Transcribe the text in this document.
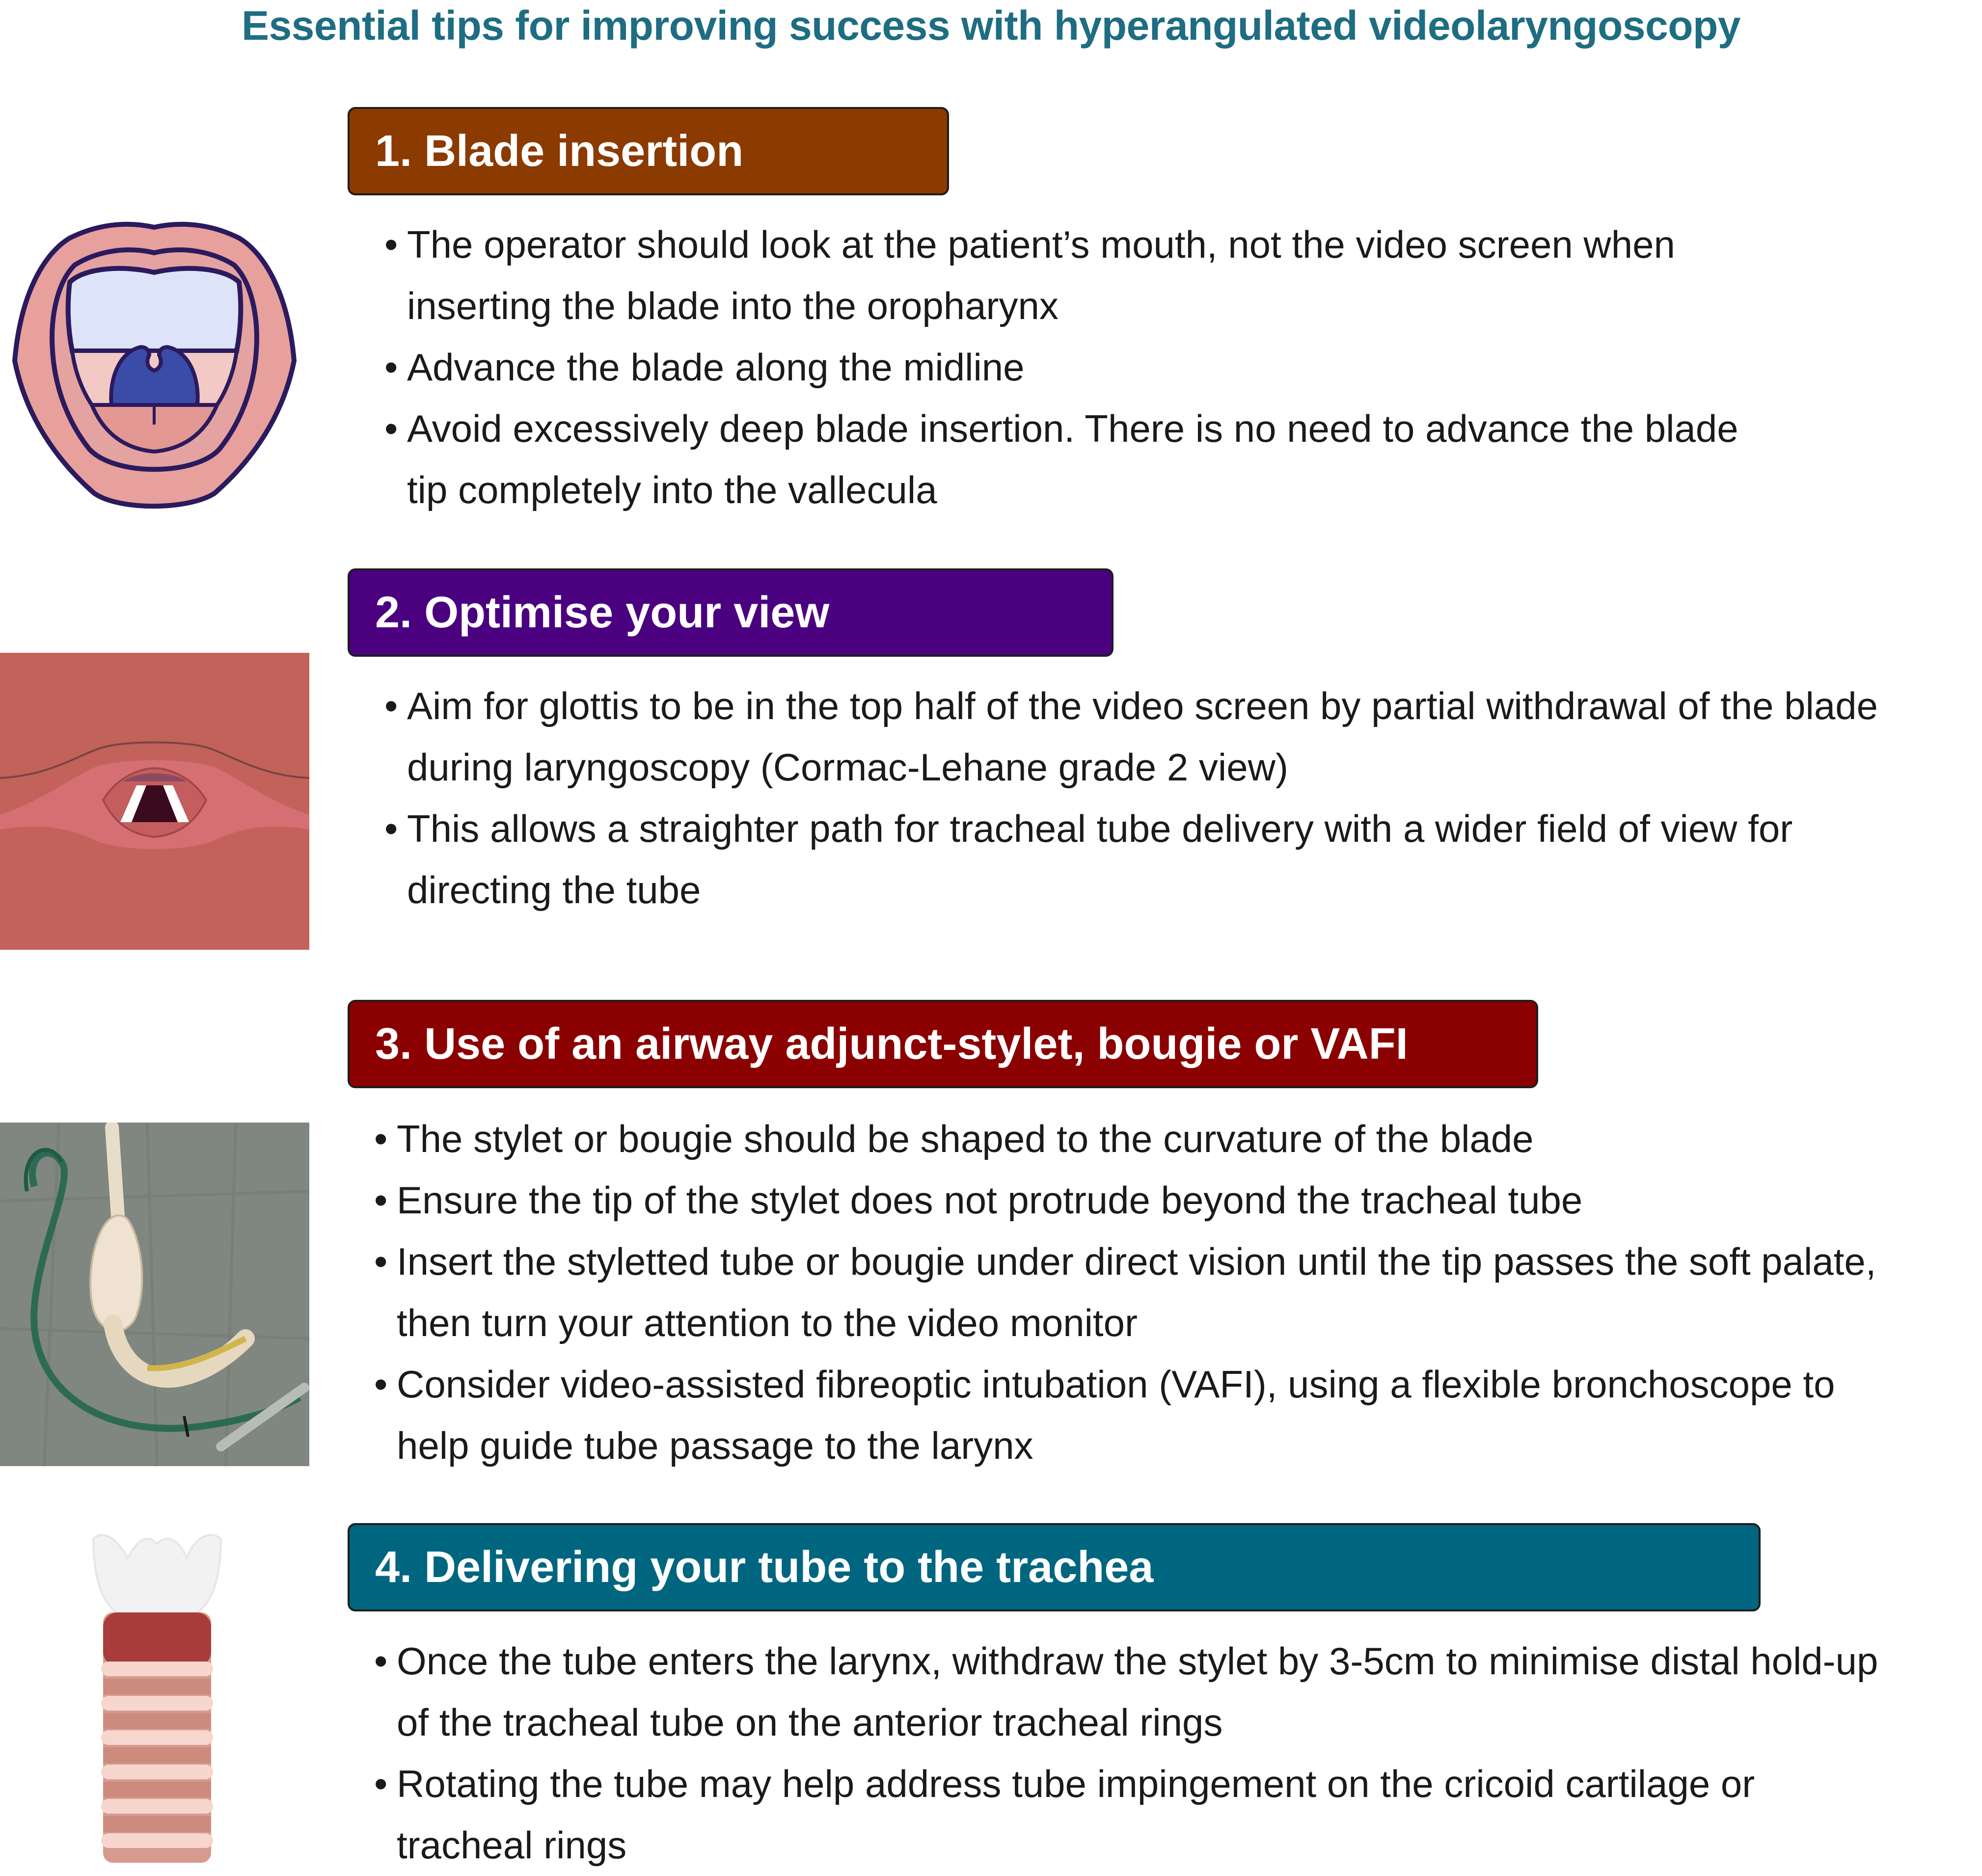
Essential tips for improving success with hyperangulated videolaryngoscopy
1. Blade insertion
• The operator should look at the patient’s mouth, not the video screen when
inserting the blade into the oropharynx
• Advance the blade along the midline
• Avoid excessively deep blade insertion. There is no need to advance the blade
tip completely into the vallecula
2. Optimise your view
• Aim for glottis to be in the top half of the video screen by partial withdrawal of the blade
during laryngoscopy (Cormac-Lehane grade 2 view)
• This allows a straighter path for tracheal tube delivery with a wider field of view for
directing the tube
3. Use of an airway adjunct-stylet, bougie or VAFI
• The stylet or bougie should be shaped to the curvature of the blade
• Ensure the tip of the stylet does not protrude beyond the tracheal tube
• Insert the styletted tube or bougie under direct vision until the tip passes the soft palate,
then turn your attention to the video monitor
• Consider video-assisted fibreoptic intubation (VAFI), using a flexible bronchoscope to
help guide tube passage to the larynx
4. Delivering your tube to the trachea
• Once the tube enters the larynx, withdraw the stylet by 3-5cm to minimise distal hold-up
of the tracheal tube on the anterior tracheal rings
• Rotating the tube may help address tube impingement on the cricoid cartilage or
tracheal rings
